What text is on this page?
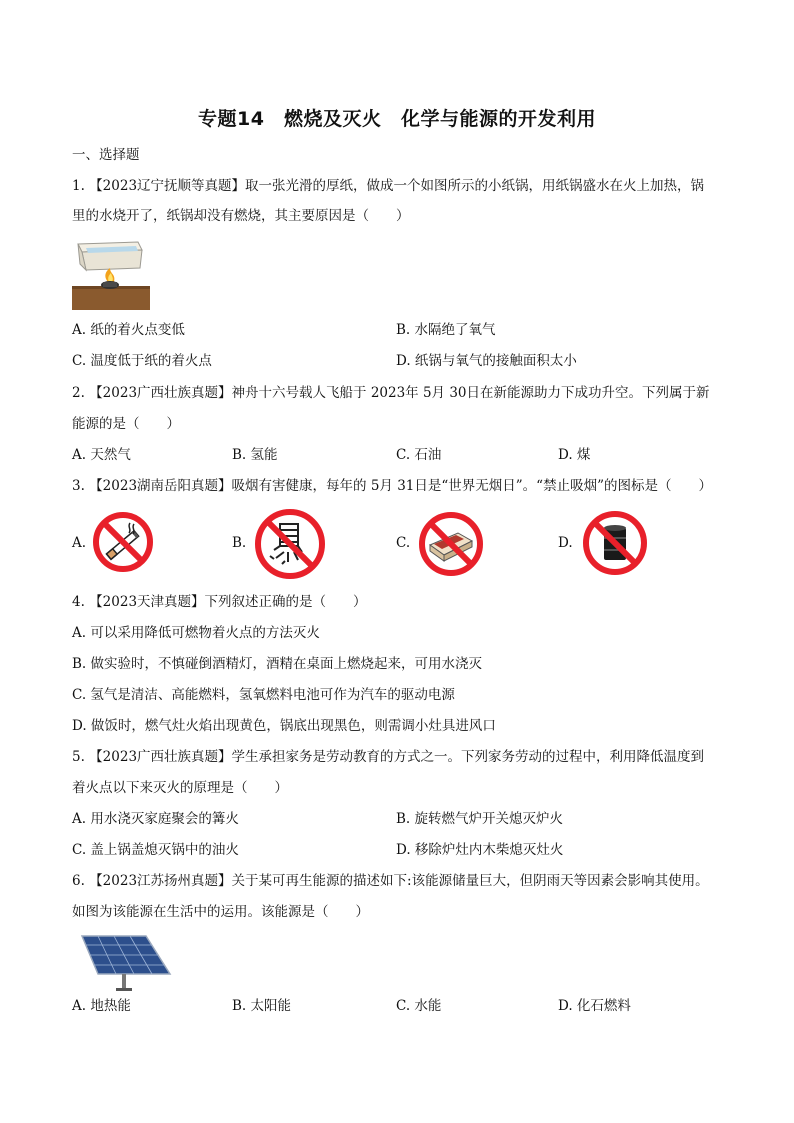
专题14　燃烧及灭火　化学与能源的开发利用
一、选择题
1. 【2023辽宁抚顺等真题】取一张光滑的厚纸，做成一个如图所示的小纸锅，用纸锅盛水在火上加热，锅
里的水烧开了，纸锅却没有燃烧，其主要原因是（　　）
A. 纸的着火点变低	B. 水隔绝了氧气
C. 温度低于纸的着火点	D. 纸锅与氧气的接触面积太小
2. 【2023广西壮族真题】神舟十六号载人飞船于 2023年 5月 30日在新能源助力下成功升空。下列属于新
能源的是（　　）
A. 天然气	B. 氢能	C. 石油	D. 煤
3. 【2023湖南岳阳真题】吸烟有害健康，每年的 5月 31日是“世界无烟日”。“禁止吸烟”的图标是（　　）
A.	B.	C.	D.
4. 【2023天津真题】下列叙述正确的是（　　）
A. 可以采用降低可燃物着火点的方法灭火
B. 做实验时，不慎碰倒酒精灯，酒精在桌面上燃烧起来，可用水浇灭
C. 氢气是清洁、高能燃料，氢氧燃料电池可作为汽车的驱动电源
D. 做饭时，燃气灶火焰出现黄色，锅底出现黑色，则需调小灶具进风口
5. 【2023广西壮族真题】学生承担家务是劳动教育的方式之一。下列家务劳动的过程中，利用降低温度到
着火点以下来灭火的原理是（　　）
A. 用水浇灭家庭聚会的篝火	B. 旋转燃气炉开关熄灭炉火
C. 盖上锅盖熄灭锅中的油火	D. 移除炉灶内木柴熄灭灶火
6. 【2023江苏扬州真题】关于某可再生能源的描述如下:该能源储量巨大，但阴雨天等因素会影响其使用。
如图为该能源在生活中的运用。该能源是（　　）
A. 地热能	B. 太阳能	C. 水能	D. 化石燃料
